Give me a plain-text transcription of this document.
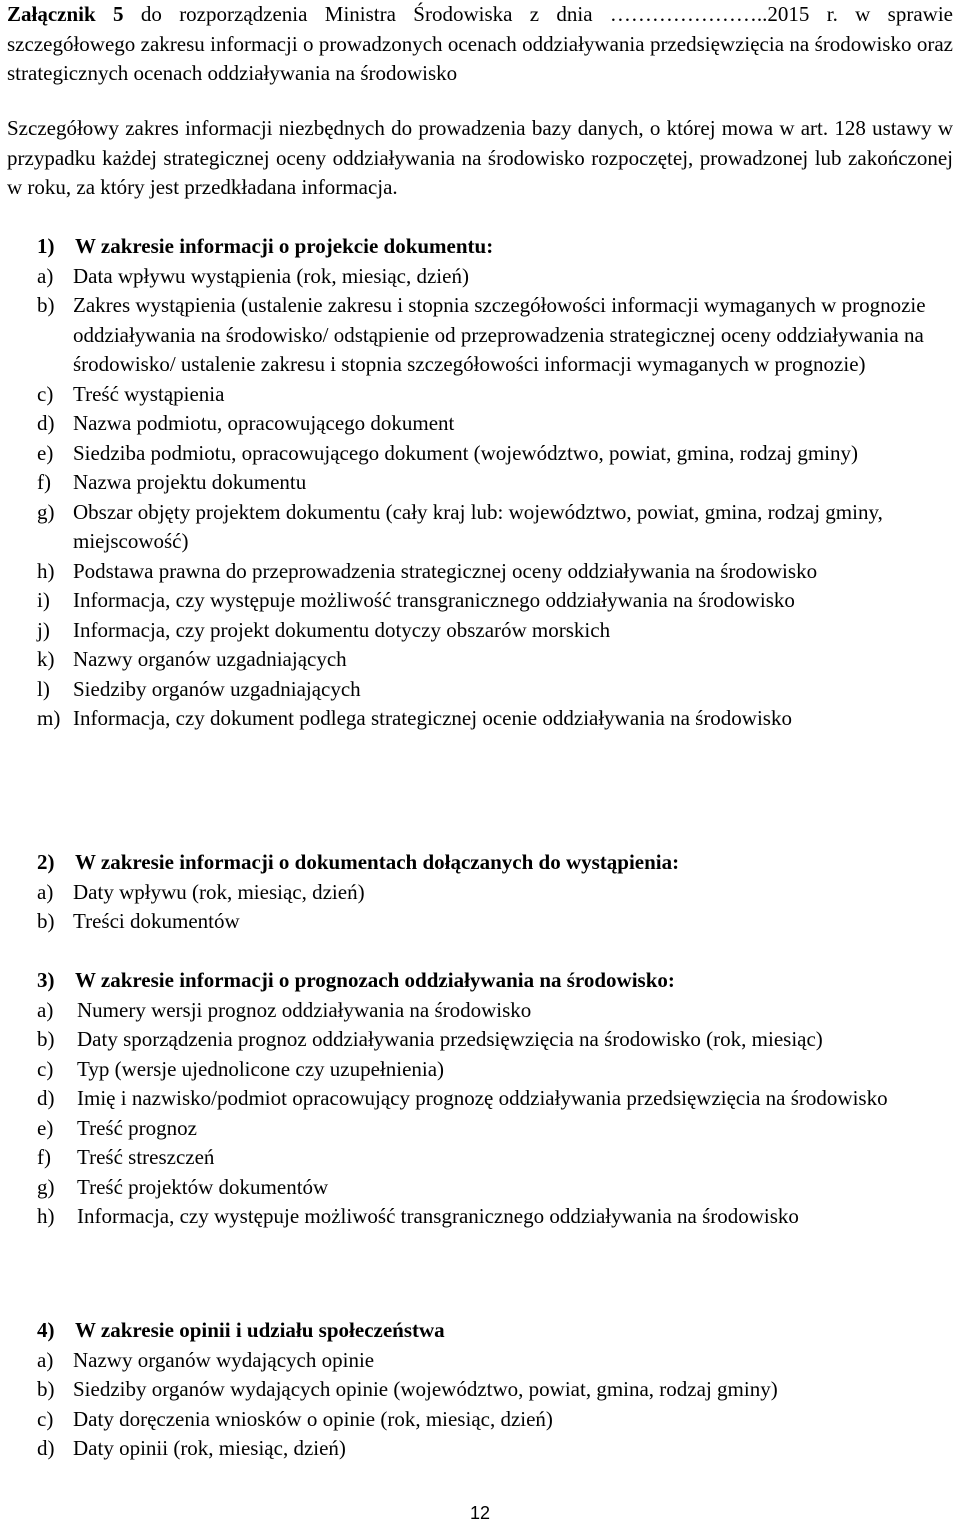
Załącznik 5 do rozporządzenia Ministra Środowiska z dnia …………………..2015 r. w sprawie szczegółowego zakresu informacji o prowadzonych ocenach oddziaływania przedsięwzięcia na środowisko oraz strategicznych ocenach oddziaływania na środowisko
Szczegółowy zakres informacji niezbędnych do prowadzenia bazy danych, o której mowa w art. 128 ustawy w przypadku każdej strategicznej oceny oddziaływania na środowisko rozpoczętej, prowadzonej lub zakończonej w roku, za który jest przedkładana informacja.
1) W zakresie informacji o projekcie dokumentu:
a) Data wpływu wystąpienia (rok, miesiąc, dzień)
b) Zakres wystąpienia (ustalenie zakresu i stopnia szczegółowości informacji wymaganych w prognozie oddziaływania na środowisko/ odstąpienie od przeprowadzenia strategicznej oceny oddziaływania na środowisko/ ustalenie zakresu i stopnia szczegółowości informacji wymaganych w prognozie)
c) Treść wystąpienia
d) Nazwa podmiotu, opracowującego dokument
e) Siedziba podmiotu, opracowującego dokument (województwo, powiat, gmina, rodzaj gminy)
f)	Nazwa projektu dokumentu
g) Obszar objęty projektem dokumentu (cały kraj lub: województwo, powiat, gmina, rodzaj gminy, miejscowość)
h) Podstawa prawna do przeprowadzenia strategicznej oceny oddziaływania na środowisko
i)	Informacja, czy występuje możliwość transgranicznego oddziaływania na środowisko
j)	Informacja, czy projekt dokumentu dotyczy obszarów morskich
k) Nazwy organów uzgadniających
l)	Siedziby organów uzgadniających
m) Informacja, czy dokument podlega strategicznej ocenie oddziaływania na środowisko
2) W zakresie informacji o dokumentach dołączanych do wystąpienia:
a) Daty wpływu (rok, miesiąc, dzień)
b) Treści dokumentów
3) W zakresie informacji o prognozach oddziaływania na środowisko:
a)	Numery wersji prognoz oddziaływania na środowisko
b)	Daty sporządzenia prognoz oddziaływania przedsięwzięcia na środowisko (rok, miesiąc)
c)	Typ (wersje ujednolicone czy uzupełnienia)
d)	Imię i nazwisko/podmiot opracowujący prognozę oddziaływania przedsięwzięcia na środowisko
e)	Treść prognoz
f)	Treść streszczeń
g)	Treść projektów dokumentów
h)	Informacja, czy występuje możliwość transgranicznego oddziaływania na środowisko
4) W zakresie opinii i udziału społeczeństwa
a) Nazwy organów wydających opinie
b) Siedziby organów wydających opinie (województwo, powiat, gmina, rodzaj gminy)
c) Daty doręczenia wniosków o opinie (rok, miesiąc, dzień)
d) Daty opinii (rok, miesiąc, dzień)
12
